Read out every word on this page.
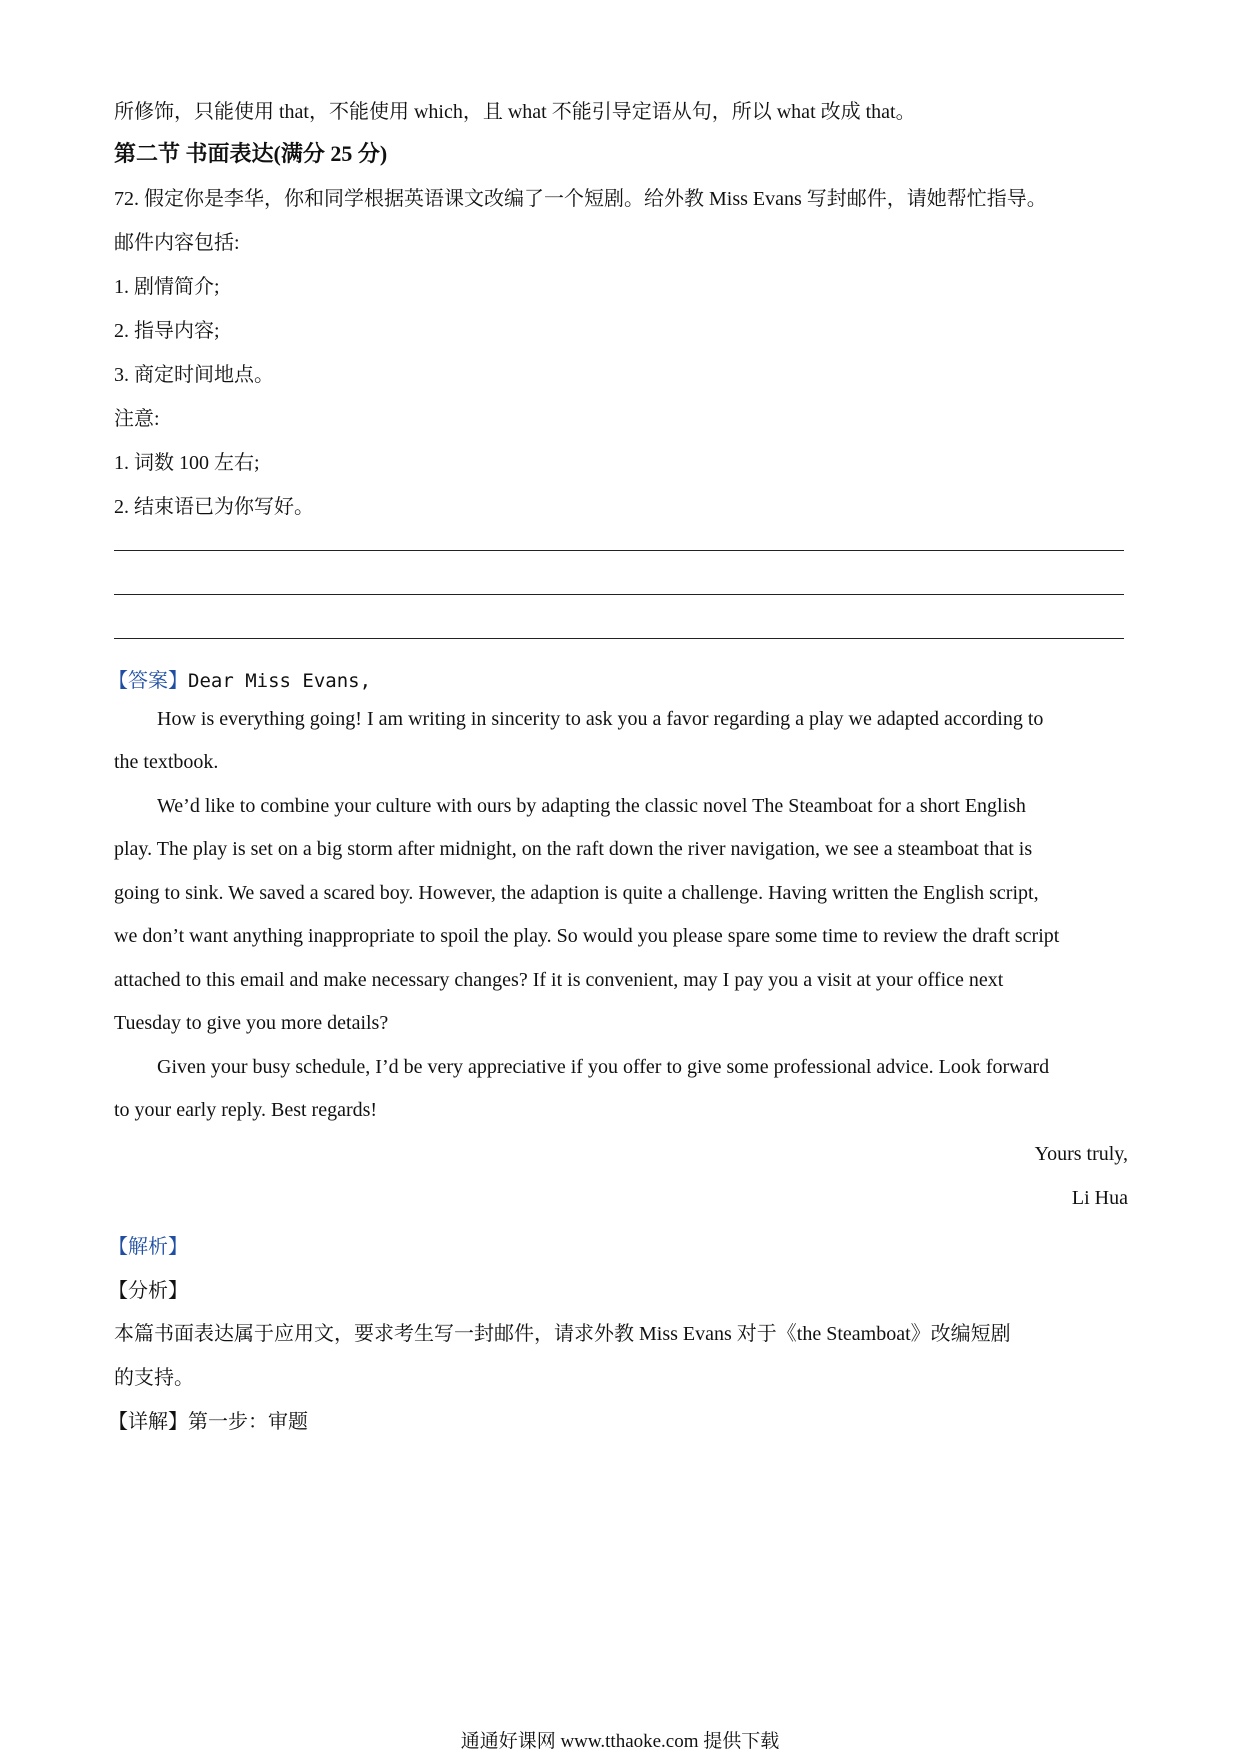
所修饰，只能使用 that，不能使用 which，且 what 不能引导定语从句，所以 what 改成 that。
第二节 书面表达(满分 25 分)
72. 假定你是李华，你和同学根据英语课文改编了一个短剧。给外教 Miss Evans 写封邮件，请她帮忙指导。
邮件内容包括:
1. 剧情简介;
2. 指导内容;
3. 商定时间地点。
注意:
1. 词数 100 左右;
2. 结束语已为你写好。
【答案】Dear Miss Evans,
How is everything going! I am writing in sincerity to ask you a favor regarding a play we adapted according to
the textbook.
We’d like to combine your culture with ours by adapting the classic novel The Steamboat for a short English
play. The play is set on a big storm after midnight, on the raft down the river navigation, we see a steamboat that is
going to sink. We saved a scared boy. However, the adaption is quite a challenge. Having written the English script,
we don’t want anything inappropriate to spoil the play. So would you please spare some time to review the draft script
attached to this email and make necessary changes? If it is convenient, may I pay you a visit at your office next
Tuesday to give you more details?
Given your busy schedule, I’d be very appreciative if you offer to give some professional advice. Look forward
to your early reply. Best regards!
Yours truly,
Li Hua
【解析】
【分析】
本篇书面表达属于应用文，要求考生写一封邮件，请求外教 Miss Evans 对于《the Steamboat》改编短剧
的支持。
【详解】第一步：审题
通通好课网 www.tthaoke.com 提供下载
